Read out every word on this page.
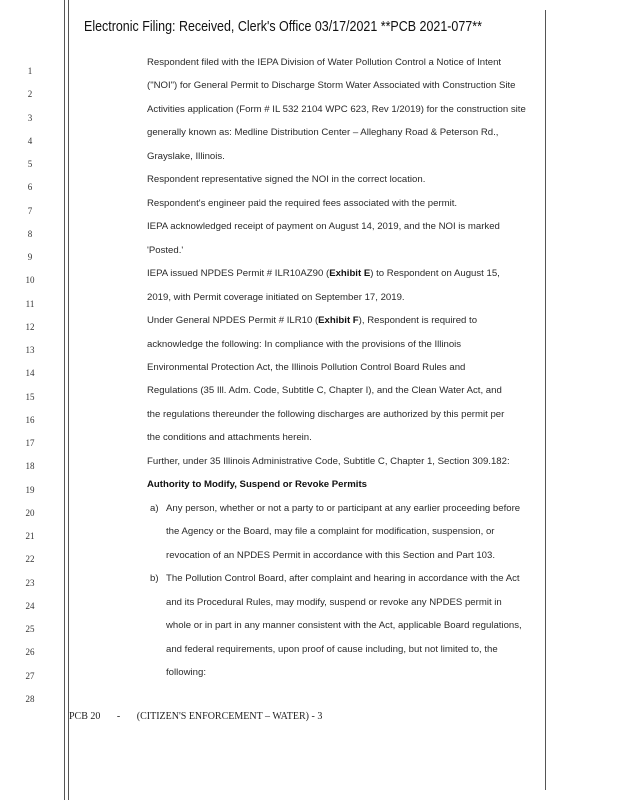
Electronic Filing: Received, Clerk's Office 03/17/2021 **PCB 2021-077**
1
2
3
4
5
6
7
8
9
10
11
12
13
14
15
16
17
18
19
20
21
22
23
24
25
26
27
28
Respondent filed with the IEPA Division of Water Pollution Control a Notice of Intent
("NOI") for General Permit to Discharge Storm Water Associated with Construction Site
Activities application (Form # IL 532 2104 WPC 623, Rev 1/2019) for the construction site
generally known as: Medline Distribution Center – Alleghany Road & Peterson Rd.,
Grayslake, Illinois.
Respondent representative signed the NOI in the correct location.
Respondent's engineer paid the required fees associated with the permit.
IEPA acknowledged receipt of payment on August 14, 2019, and the NOI is marked
'Posted.'
IEPA issued NPDES Permit # ILR10AZ90 (Exhibit E) to Respondent on August 15,
2019, with Permit coverage initiated on September 17, 2019.
Under General NPDES Permit # ILR10 (Exhibit F), Respondent is required to
acknowledge the following: In compliance with the provisions of the Illinois
Environmental Protection Act, the Illinois Pollution Control Board Rules and
Regulations (35 Ill. Adm. Code, Subtitle C, Chapter I), and the Clean Water Act, and
the regulations thereunder the following discharges are authorized by this permit per
the conditions and attachments herein.
Further, under 35 Illinois Administrative Code, Subtitle C, Chapter 1, Section 309.182:
Authority to Modify, Suspend or Revoke Permits
a) Any person, whether or not a party to or participant at any earlier proceeding before
the Agency or the Board, may file a complaint for modification, suspension, or
revocation of an NPDES Permit in accordance with this Section and Part 103.
b) The Pollution Control Board, after complaint and hearing in accordance with the Act
and its Procedural Rules, may modify, suspend or revoke any NPDES permit in
whole or in part in any manner consistent with the Act, applicable Board regulations,
and federal requirements, upon proof of cause including, but not limited to, the
following:
PCB 20 - (CITIZEN'S ENFORCEMENT – WATER) - 3
